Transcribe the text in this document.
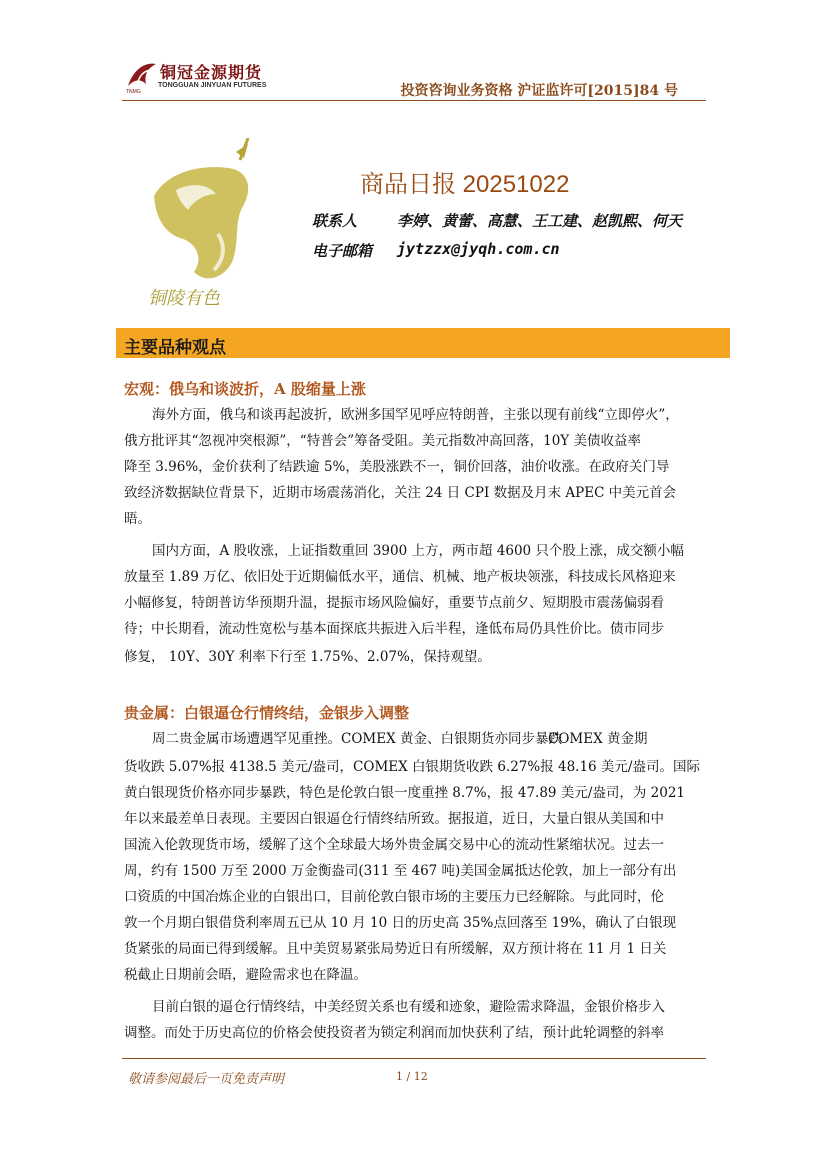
铜冠金源期货
TONGGUAN JINYUAN FUTURES
TNMG	投资咨询业务资格 沪证监许可[2015]84 号
铜陵有色
商品日报 20251022
联系人	李婷、黄蕾、高慧、王工建、赵凯熙、何天
电子邮箱 jytzzx@jyqh.com.cn
主要品种观点
宏观：俄乌和谈波折，A 股缩量上涨
海外方面，俄乌和谈再起波折，欧洲多国罕见呼应特朗普，主张以现有前线“立即停火”，
俄方批评其“忽视冲突根源”，“特普会”筹备受阻。美元指数冲高回落，10Y 美债收益率
降至 3.96%，金价获利了结跌逾 5%，美股涨跌不一，铜价回落，油价收涨。在政府关门导
致经济数据缺位背景下，近期市场震荡消化，关注 24 日 CPI 数据及月末 APEC 中美元首会
晤。
国内方面，A 股收涨，上证指数重回 3900 上方，两市超 4600 只个股上涨，成交额小幅
放量至 1.89 万亿、依旧处于近期偏低水平，通信、机械、地产板块领涨，科技成长风格迎来
小幅修复，特朗普访华预期升温，提振市场风险偏好，重要节点前夕、短期股市震荡偏弱看
待；中长期看，流动性宽松与基本面探底共振进入后半程，逢低布局仍具性价比。债市同步
修复， 10Y、30Y 利率下行至 1.75%、2.07%，保持观望。
贵金属：白银逼仓行情终结，金银步入调整
周二贵金属市场遭遇罕见重挫。COMEX 黄金、白银期货亦同步暴跌
COMEX 黄金期
货收跌 5.07%报 4138.5 美元/盎司，COMEX 白银期货收跌 6.27%报 48.16 美元/盎司。国际
黄白银现货价格亦同步暴跌，特色是伦敦白银一度重挫 8.7%，报 47.89 美元/盎司，为 2021
年以来最差单日表现。主要因白银逼仓行情终结所致。据报道，近日，大量白银从美国和中
国流入伦敦现货市场，缓解了这个全球最大场外贵金属交易中心的流动性紧缩状况。过去一
周，约有 1500 万至 2000 万金衡盎司(311 至 467 吨)美国金属抵达伦敦，加上一部分有出
口资质的中国冶炼企业的白银出口，目前伦敦白银市场的主要压力已经解除。与此同时，伦
敦一个月期白银借贷利率周五已从 10 月 10 日的历史高 35%点回落至 19%，确认了白银现
货紧张的局面已得到缓解。且中美贸易紧张局势近日有所缓解，双方预计将在 11 月 1 日关
税截止日期前会晤，避险需求也在降温。
目前白银的逼仓行情终结，中美经贸关系也有缓和迹象，避险需求降温，金银价格步入
调整。而处于历史高位的价格会使投资者为锁定利润而加快获利了结，预计此轮调整的斜率
敬请参阅最后一页免责声明	1 / 12
